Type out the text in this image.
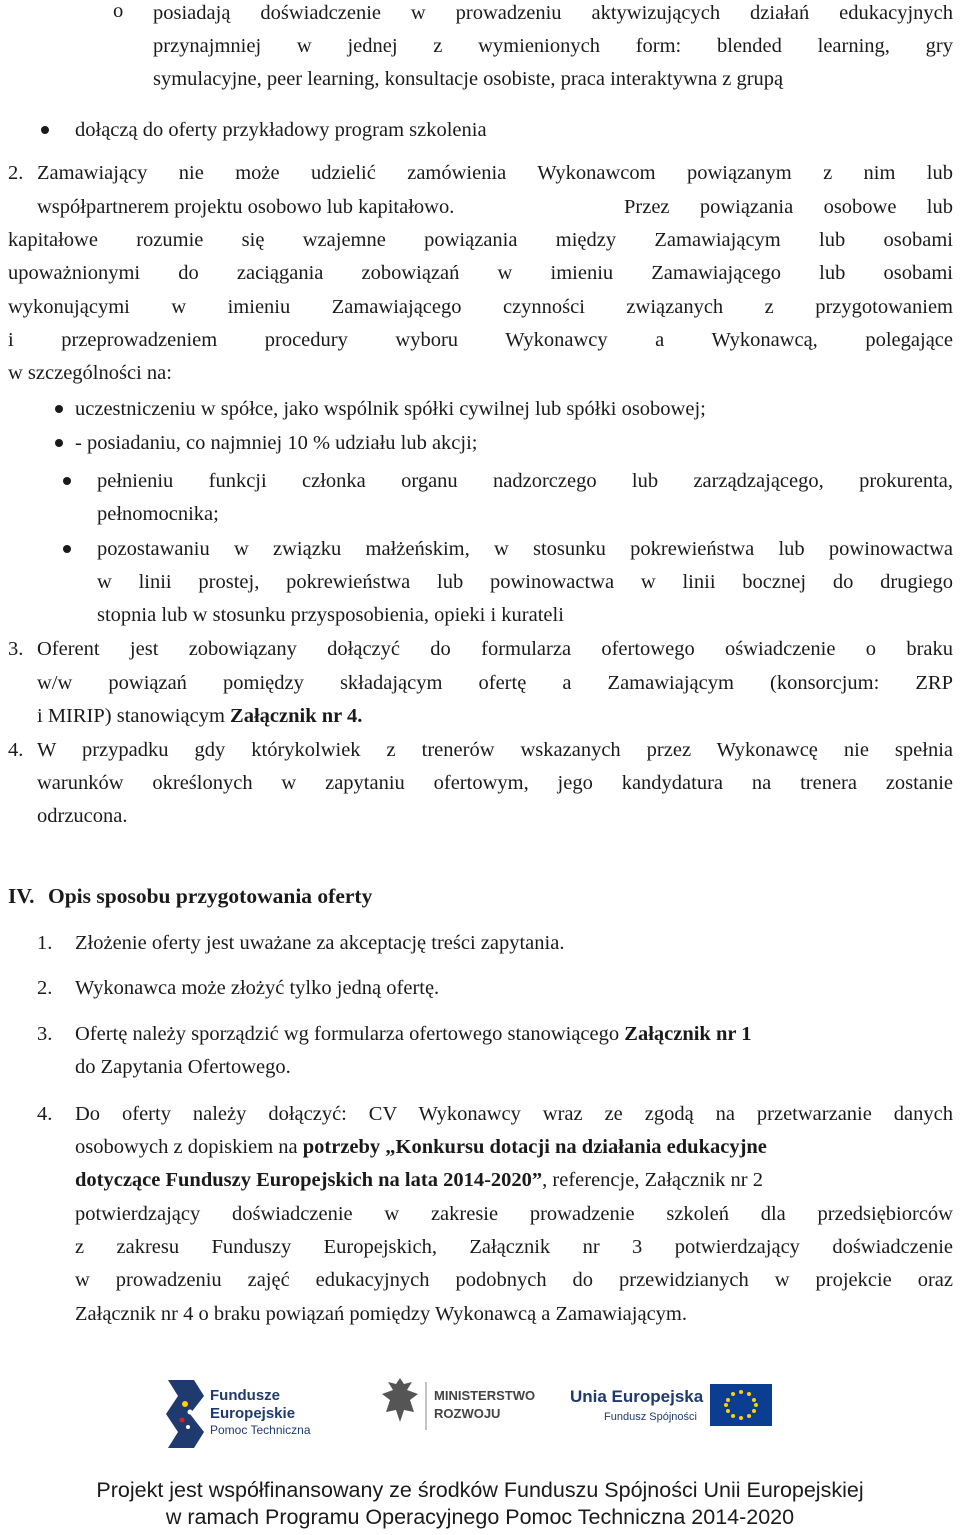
o posiadają doświadczenie w prowadzeniu aktywizujących działań edukacyjnych
przynajmniej w jednej z wymienionych form: blended learning, gry
symulacyjne, peer learning, konsultacje osobiste, praca interaktywna z grupą
dołączą do oferty przykładowy program szkolenia
2. Zamawiający nie może udzielić zamówienia Wykonawcom powiązanym z nim lub
współpartnerem projektu osobowo lub kapitałowo.	Przez powiązania osobowe lub
kapitałowe rozumie się wzajemne powiązania między Zamawiającym lub osobami
upoważnionymi do zaciągania zobowiązań w imieniu Zamawiającego lub osobami
wykonującymi w imieniu Zamawiającego czynności związanych z przygotowaniem
i przeprowadzeniem procedury wyboru Wykonawcy a Wykonawcą, polegające
w szczególności na:
uczestniczeniu w spółce, jako wspólnik spółki cywilnej lub spółki osobowej;
- posiadaniu, co najmniej 10 % udziału lub akcji;
pełnieniu funkcji członka organu nadzorczego lub zarządzającego, prokurenta,
pełnomocnika;
pozostawaniu w związku małżeńskim, w stosunku pokrewieństwa lub powinowactwa
w linii prostej, pokrewieństwa lub powinowactwa w linii bocznej do drugiego
stopnia lub w stosunku przysposobienia, opieki i kurateli
3. Oferent jest zobowiązany dołączyć do formularza ofertowego oświadczenie o braku
w/w powiązań pomiędzy składającym ofertę a Zamawiającym (konsorcjum: ZRP
i MIRIP) stanowiącym Załącznik nr 4.
4. W przypadku gdy którykolwiek z trenerów wskazanych przez Wykonawcę nie spełnia
warunków określonych w zapytaniu ofertowym, jego kandydatura na trenera zostanie
odrzucona.
IV. Opis sposobu przygotowania oferty
1. Złożenie oferty jest uważane za akceptację treści zapytania.
2. Wykonawca może złożyć tylko jedną ofertę.
3. Ofertę należy sporządzić wg formularza ofertowego stanowiącego Załącznik nr 1
do Zapytania Ofertowego.
4. Do oferty należy dołączyć: CV Wykonawcy wraz ze zgodą na przetwarzanie danych
osobowych z dopiskiem na potrzeby „Konkursu dotacji na działania edukacyjne
dotyczące Funduszy Europejskich na lata 2014-2020”, referencje, Załącznik nr 2
potwierdzający doświadczenie w zakresie prowadzenie szkoleń dla przedsiębiorców
z zakresu Funduszy Europejskich, Załącznik nr 3 potwierdzający doświadczenie
w prowadzeniu zajęć edukacyjnych podobnych do przewidzianych w projekcie oraz
Załącznik nr 4 o braku powiązań pomiędzy Wykonawcą a Zamawiającym.
Fundusze
Europejskie
Pomoc Techniczna
MINISTERSTWO
ROZWOJU
Unia Europejska
Fundusz Spójności
Projekt jest współfinansowany ze środków Funduszu Spójności Unii Europejskiej
w ramach Programu Operacyjnego Pomoc Techniczna 2014-2020
